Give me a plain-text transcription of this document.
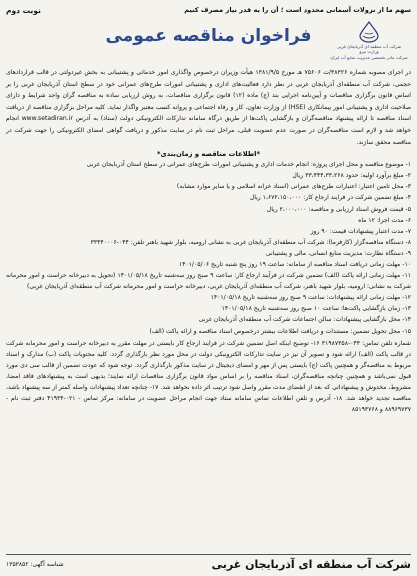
سهم ما از نزولات آسمانی محدود است ؛ آن را به قدر نیاز مصرف کنیم
نوبت دوم
شرکت آب منطقه ای آذربایجان غربی
وزارت نیرو
شرکت مادر تخصصی مدیریت منابع آب ایران
فراخوان مناقصه عمومی
در اجرای مصوبه شماره ۳۸۳۲۶/ت ۷۵۶۰۶ هـ مورخ ۱۳۸۱/۹/۵ هیأت وزیران درخصوص واگذاری امور خدماتی و پشتیبانی به بخش غیردولتی در قالب قراردادهای حجمی، شرکت آب منطقه‌ای آذربایجان غربی در نظر دارد فعالیت‌های اداری و پشتیبانی امورات طرح‌های عمرانی خود در سطح استان آذربایجان غربی را بر اساس قانون برگزاری مناقصات و آیین‌نامه اجرایی بند (ج) ماده (۱۲) قانون برگزاری مناقصات، به روش ارزیابی ساده به مناقصه گران واجد شرایط و دارای صلاحیت اداری و پشتیبانی امور پیمانکاری (HSE) از وزارت تعاون، کار و رفاه اجتماعی و پروانه کسب معتبر واگذار نماید. کلیه مراحل برگزاری مناقصه از دریافت اسناد مناقصه تا ارائه پیشنهاد مناقصه‌گران و بازگشایی پاکت‌ها از طریق درگاه سامانه تدارکات الکترونیکی دولت (ستاد) به آدرس www.setadiran.ir انجام خواهد شد و لازم است مناقصه‌گران در صورت عدم عضویت قبلی، مراحل ثبت نام در سایت مذکور و دریافت گواهی امضای الکترونیکی را جهت شرکت در مناقصه محقق سازند.
*اطلاعات مناقصه و زمان‌بندی*
۱- موضوع مناقصه و محل اجرای پروژه: انجام خدمات اداری و پشتیبانی امورات طرح‌های عمرانی در سطح استان آذربایجان غربی
۲- مبلغ برآورد اولیه: حدود ۳۳،۴۴۴،۳۳،۲۶۸ ریال
۳- محل تامین اعتبار: اعتبارات طرح‌های عمرانی (اسناد خزانه اسلامی و یا سایر موارد مشابه)
۴- مبلغ تضمین شرکت در فرایند ارجاع کار: ۱،۶۷۲،۱۵۰،۰۰۰ ریال
۵- قیمت فروش اسناد ارزیابی و مناقصه: ۲،۰۰۰،۰۰۰ ریال
۶- مدت اجرا: ۱۲ ماه
۷- مدت اعتبار پیشنهادات قیمت: ۹۰ روز
۸- دستگاه مناقصه‌گزار (کارفرما): شرکت آب منطقه‌ای آذربایجان غربی به نشانی ارومیه، بلوار شهید باهنر تلفن: ۰۴۴-۳۳۴۴۰۰۰۶
۹- دستگاه نظارت: مدیریت منابع انسانی، مالی و پشتیبانی
۱۰- مهلت زمانی دریافت اسناد مناقصه از سامانه: ساعت ۱۹ روز پنج شنبه تاریخ ۱۴۰۱/۰۵/۰۶
۱۱- مهلت زمانی ارائه پاکت (الف) تضمین شرکت در فرآیند ارجاع کار: ساعت ۹ صبح روز سه‌شنبه تاریخ ۱۴۰۱/۰۵/۱۸ (تحویل به دبیرخانه حراست و امور محرمانه شرکت به نشانی: ارومیه، بلوار شهید باهنر، شرکت آب منطقه‌ای آذربایجان غربی، دبیرخانه حراست و امور محرمانه شرکت آب منطقه‌ای آذربایجان غربی)
۱۲- مهلت زمانی ارائه پیشنهادات: ساعت ۹ صبح روز سه‌شنبه تاریخ ۱۴۰۱/۰۵/۱۸
۱۳- زمان بازگشایی پاکت‌ها: ساعت ۱۰ صبح روز سه‌شنبه تاریخ ۱۴۰۱/۰۵/۱۸
۱۴- محل بازگشایی پیشنهادات: سالن اجتماعات شرکت آب منطقه‌ای آذربایجان غربی
۱۵- محل تحویل تضمین: مستندات و دریافت اطلاعات بیشتر درخصوص اسناد مناقصه و ارائه پاکت (الف)
شماره تلفن تماس: ۰۴۴-۳۱۹۸۷۳۵۸ ۱۶- توضیح اینکه اصل تضمین شرکت در فرایند ارجاع کار بایستی در مهلت مقرر به دبیرخانه حراست و امور محرمانه شرکت در قالب پاکت (الف) ارائه شود و تصویر آن نیز در سایت تدارکات الکترونیکی دولت در محل مورد نظر بارگذاری گردد. کلیه محتویات پاکت (ب) مدارک و اسناد مربوط به مناقصه‌گر و همچنین پاکت (ج) بایستی پس از مهر و امضای دیجیتال در سایت مذکور بارگذاری گردد. توجه شود که عودت تضمین از قالب سی دی مورد قبول نمی‌باشد و همچنین چنانچه مناقصه‌گران، اسناد مناقصه را بر اساس مواد قانون برگزاری مناقصات ارائه نمایند؛ بدیهی است به پیشنهادهای فاقد امضا، مشروط، مخدوش و پیشنهاداتی که بعد از انقضای مدت مقرر واصل شود ترتیب اثر داده نخواهد شد. ۱۷- چنانچه تعداد پیشنهادات واصله کمتر از سه پیشنهاد باشد، مناقصه تجدید خواهد شد. ۱۸- آدرس و تلفن اطلاعات تماس سامانه ستاد جهت انجام مراحل عضویت در سامانه: مرکز تماس - ۰۲۱-۴۱۹۳۴ دفتر ثبت نام - ۸۸۹۶۹۷۳۷ و ۸۵۱۹۳۷۶۸
شرکت آب منطقه ای آذربایجان غربی
شناسه آگهی: ۱۳۵۳۸۵۲
